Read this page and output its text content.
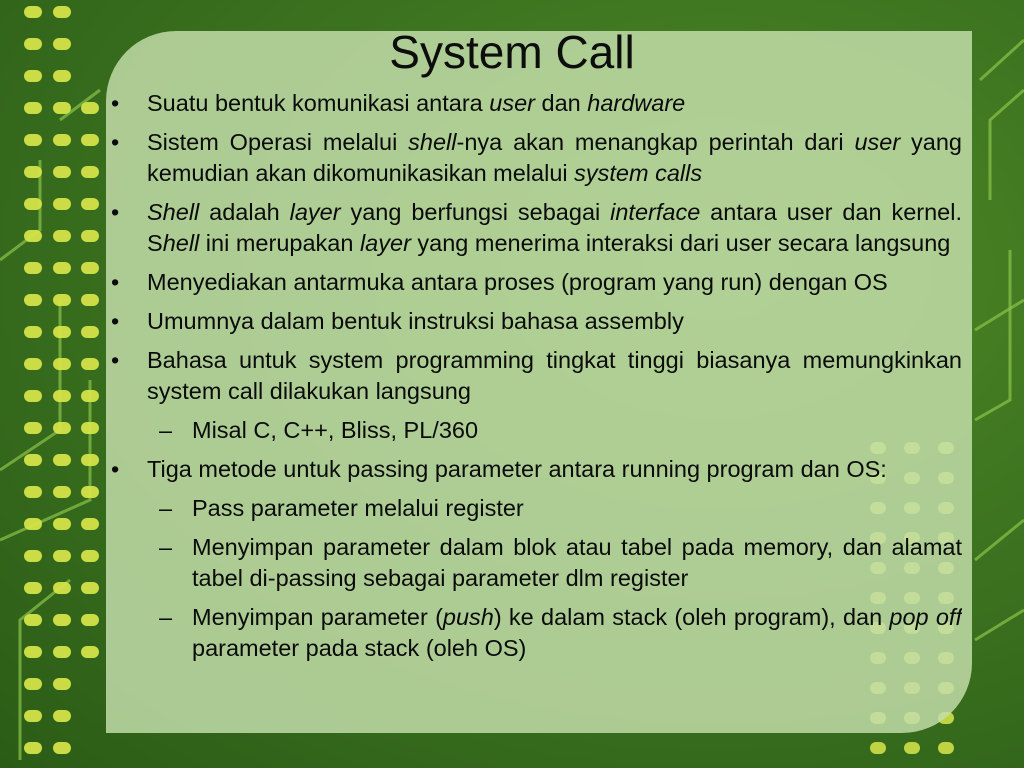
System Call
• Suatu bentuk komunikasi antara user dan hardware
• Sistem Operasi melalui shell-nya akan menangkap perintah dari user yang kemudian akan dikomunikasikan melalui system calls
• Shell adalah layer yang berfungsi sebagai interface antara user dan kernel. Shell ini merupakan layer yang menerima interaksi dari user secara langsung
• Menyediakan antarmuka antara proses (program yang run) dengan OS
• Umumnya dalam bentuk instruksi bahasa assembly
• Bahasa untuk system programming tingkat tinggi biasanya memungkinkan system call dilakukan langsung
– Misal C, C++, Bliss, PL/360
• Tiga metode untuk passing parameter antara running program dan OS:
– Pass parameter melalui register
– Menyimpan parameter dalam blok atau tabel pada memory, dan alamat tabel di-passing sebagai parameter dlm register
– Menyimpan parameter (push) ke dalam stack (oleh program), dan pop off parameter pada stack (oleh OS)
